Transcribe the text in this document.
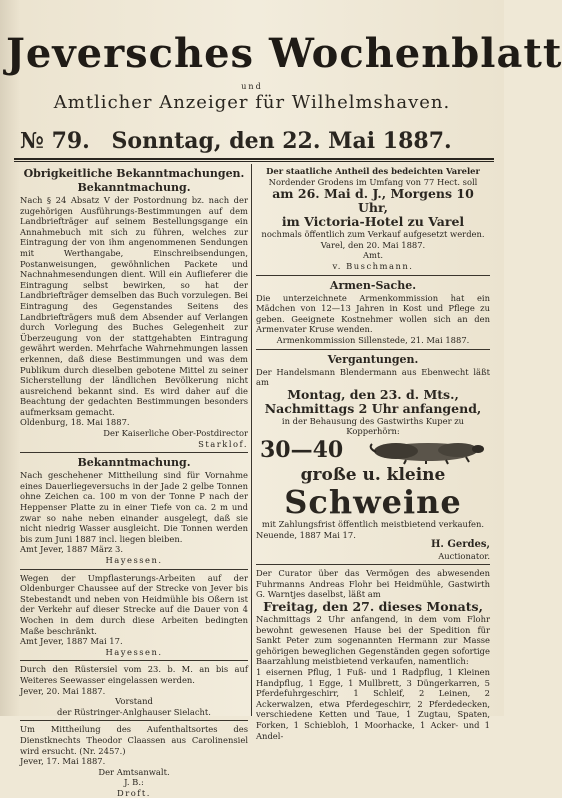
Jeversches Wochenblatt
und
Amtlicher Anzeiger für Wilhelmshaven.
№ 79. Sonntag, den 22. Mai 1887.
Obrigkeitliche Bekanntmachungen.
Bekanntmachung.
Nach § 24 Absatz V der Postordnung bz. nach der zugehörigen Ausführungs-Bestimmungen auf dem Landbriefträger auf seinem Bestellungsgange ein Annahmebuch mit sich zu führen, welches zur Eintragung der von ihm angenommenen Sendungen mit Werthangabe, Einschreibsendungen, Postanweisungen, gewöhnlichen Packete und Nachnahmesendungen dient. Will ein Auflieferer die Eintragung selbst bewirken, so hat der Landbriefträger demselben das Buch vorzulegen. Bei Eintragung des Gegenstandes Seitens des Landbriefträgers muß dem Absender auf Verlangen durch Vorlegung des Buches Gelegenheit zur Überzeugung von der stattgehabten Eintragung gewährt werden. Mehrfache Wahrnehmungen lassen erkennen, daß diese Bestimmungen und was dem Publikum durch dieselben gebotene Mittel zu seiner Sicherstellung der ländlichen Bevölkerung nicht ausreichend bekannt sind. Es wird daher auf die Beachtung der gedachten Bestimmungen besonders aufmerksam gemacht.
Oldenburg, 18. Mai 1887.
Der Kaiserliche Ober-Postdirector
Starklof.
Bekanntmachung.
Nach geschehener Mittheilung sind für Vornahme eines Dauerliegeversuchs in der Jade 2 gelbe Tonnen ohne Zeichen ca. 100 m von der Tonne P nach der Heppenser Platte zu in einer Tiefe von ca. 2 m und zwar so nahe neben einander ausgelegt, daß sie nicht niedrig Wasser ausgleicht. Die Tonnen werden bis zum Juni 1887 incl. liegen bleiben.
Amt Jever, 1887 März 3.
Hayessen.
Wegen der Umpflasterungs-Arbeiten auf der Oldenburger Chaussee auf der Strecke von Jever bis Stebestandt und neben von Heidmühle bis Oßern ist der Verkehr auf dieser Strecke auf die Dauer von 4 Wochen in dem durch diese Arbeiten bedingten Maße beschränkt.
Amt Jever, 1887 Mai 17.
Hayessen.
Durch den Rüstersiel vom 23. b. M. an bis auf Weiteres Seewasser eingelassen werden.
Jever, 20. Mai 1887.
Vorstand
der Rüstringer-Anlghauser Sielacht.
Um Mittheilung des Aufenthaltsortes des Dienstknechts Theodor Claassen aus Carolinensiel wird ersucht. (Nr. 2457.)
Jever, 17. Mai 1887.
Der Amtsanwalt.
J. B.:
Droft.
Der staatliche Antheil des bedeichten Vareler
Nordender Grodens im Umfang von 77 Hect. soll
am 26. Mai d. J., Morgens 10 Uhr,
im Victoria-Hotel zu Varel
nochmals öffentlich zum Verkauf aufgesetzt werden.
Varel, den 20. Mai 1887.
Amt.
v. Buschmann.
Armen-Sache.
Die unterzeichnete Armenkommission hat ein Mädchen von 12—13 Jahren in Kost und Pflege zu geben. Geeignete Kostnehmer wollen sich an den Armenvater Kruse wenden.
Armenkommission Sillenstede, 21. Mai 1887.
Vergantungen.
Der Handelsmann Blendermann aus Ebenwecht läßt am
Montag, den 23. d. Mts.,
Nachmittags 2 Uhr anfangend,
in der Behausung des Gastwirths Kuper zu Kopperhörn:
30—40
große u. kleine
Schweine
mit Zahlungsfrist öffentlich meistbietend verkaufen.
Neuende, 1887 Mai 17.
H. Gerdes,
Auctionator.
Der Curator über das Vermögen des abwesenden Fuhrmanns Andreas Flohr bei Heidmühle, Gastwirth G. Warntjes daselbst, läßt am
Freitag, den 27. dieses Monats,
Nachmittags 2 Uhr anfangend, in dem vom Flohr bewohnt gewesenen Hause bei der Spedition für Sankt Peter zum sogenannten Hermann zur Masse gehörigen beweglichen Gegenständen gegen sofortige Baarzahlung meistbietend verkaufen, namentlich:
1 eisernen Pflug, 1 Fuß- und 1 Radpflug, 1 Kleinen Handpflug, 1 Egge, 1 Mullbrett, 3 Düngerkarren, 5 Pferdefuhrgeschirr, 1 Schleif, 2 Leinen, 2 Ackerwalzen, etwa Pferdegeschirr, 2 Pferdedecken, verschiedene Ketten und Taue, 1 Zugtau, Spaten, Forken, 1 Schiebloh, 1 Moorhacke, 1 Acker- und 1 Andel-
